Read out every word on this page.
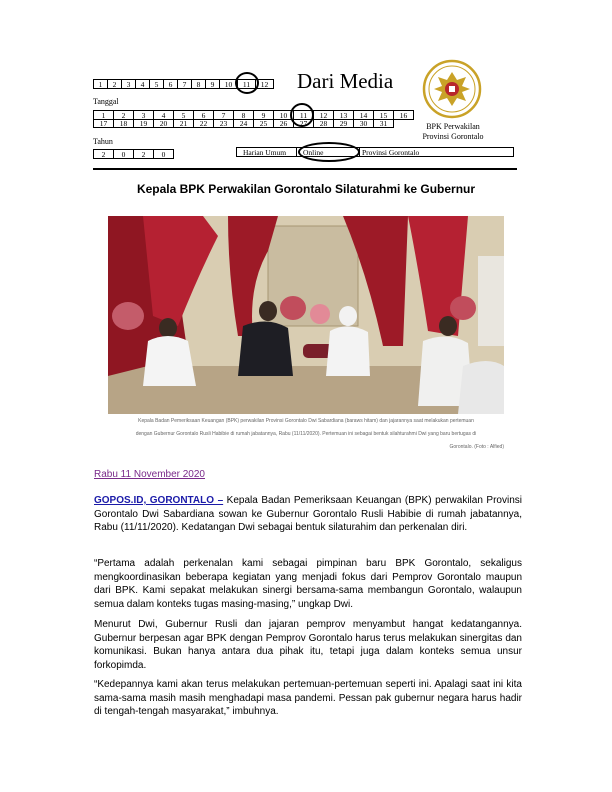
1	2	3	4	5	6	7	8	9	10	11	12 Dari Media
BPK Perwakilan
Provinsi Gorontalo
Tanggal
1	2	3	4	5	6	7	8	9	10	11	12	13	14	15	16
17	18	19	20	21	22	23	24	25	26	27	28	29	30	31
Tahun
2	0	2	0	Harian Umum	Online	Provinsi Gorontalo
Kepala BPK Perwakilan Gorontalo Silaturahmi ke Gubernur
Kepala Badan Pemeriksaan Keuangan (BPK) perwakilan Provinsi Gorontalo Dwi Sabardiana (baraws hitam) dan jajarannya saat melakukan pertemuan
dengan Gubernur Gorontalo Rusli Habibie di rumah jabatannya, Rabu (11/11/2020). Pertemuan ini sebagai bentuk silahturahmi Dwi yang baru bertugas di
Gorontalo. (Foto : Alfied)
Rabu 11 November 2020
GOPOS.ID, GORONTALO – Kepala Badan Pemeriksaan Keuangan (BPK) perwakilan Provinsi Gorontalo Dwi Sabardiana sowan ke Gubernur Gorontalo Rusli Habibie di rumah jabatannya, Rabu (11/11/2020). Kedatangan Dwi sebagai bentuk silaturahim dan perkenalan diri.
“Pertama adalah perkenalan kami sebagai pimpinan baru BPK Gorontalo, sekaligus mengkoordinasikan beberapa kegiatan yang menjadi fokus dari Pemprov Gorontalo maupun dari BPK. Kami sepakat melakukan sinergi bersama-sama membangun Gorontalo, walaupun semua dalam konteks tugas masing-masing,” ungkap Dwi.
Menurut Dwi, Gubernur Rusli dan jajaran pemprov menyambut hangat kedatangannya. Gubernur berpesan agar BPK dengan Pemprov Gorontalo harus terus melakukan sinergitas dan komunikasi. Bukan hanya antara dua pihak itu, tetapi juga dalam konteks semua unsur forkopimda.
“Kedepannya kami akan terus melakukan pertemuan-pertemuan seperti ini. Apalagi saat ini kita sama-sama masih masih menghadapi masa pandemi. Pessan pak gubernur negara harus hadir di tengah-tengah masyarakat,” imbuhnya.
